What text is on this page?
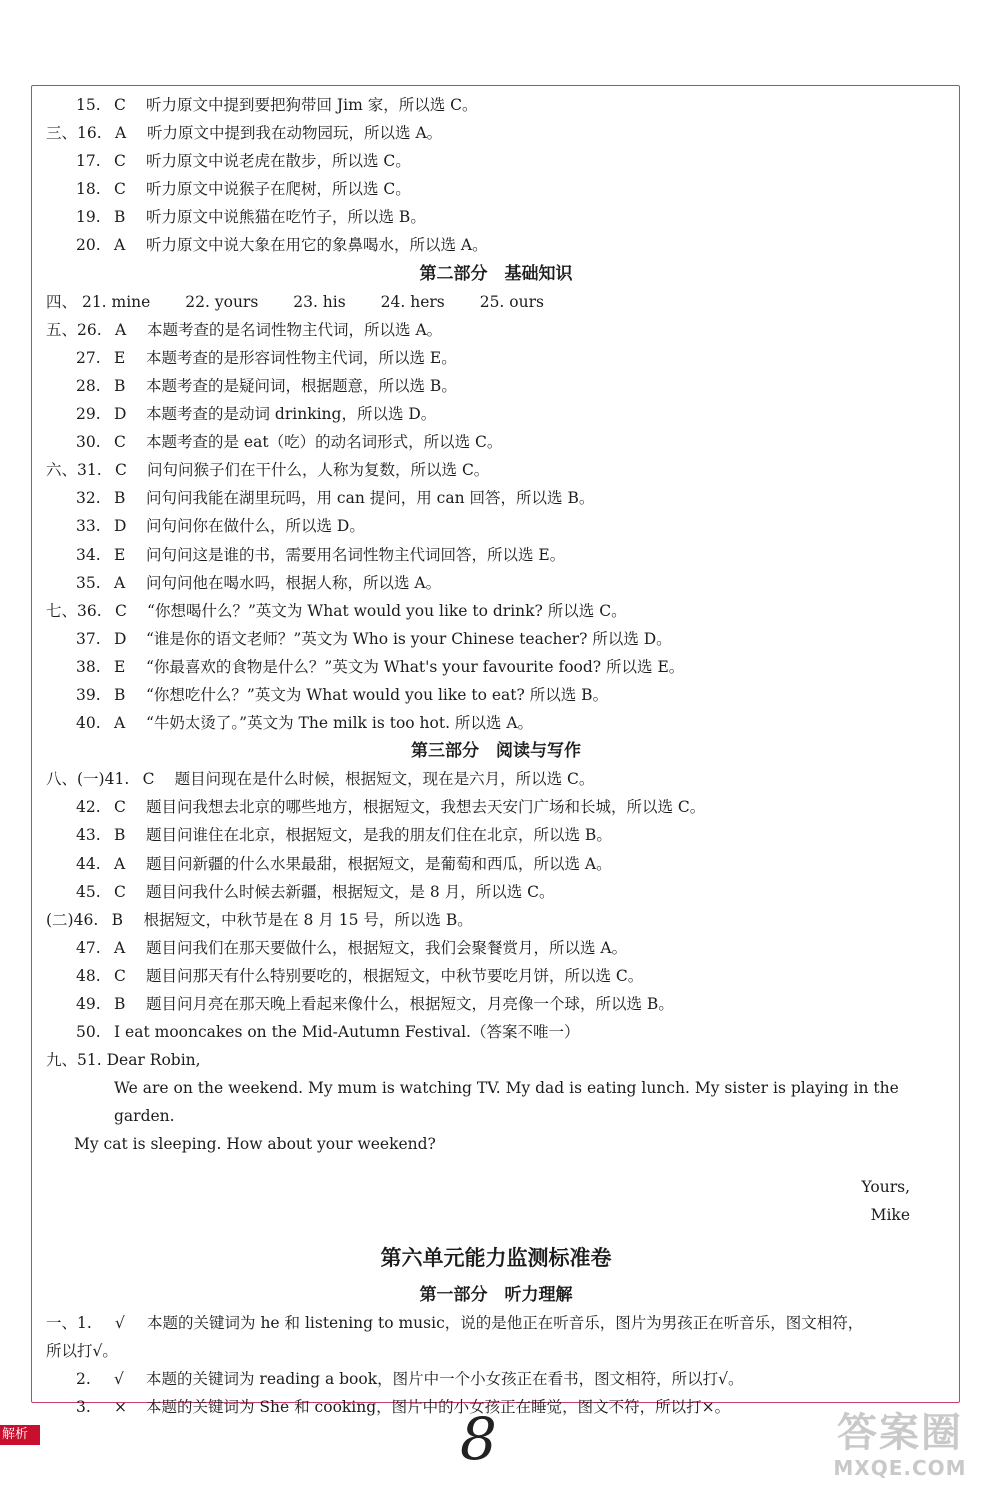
15. C 听力原文中提到要把狗带回 Jim 家，所以选 C。
三、16. A 听力原文中提到我在动物园玩，所以选 A。
17. C 听力原文中说老虎在散步，所以选 C。
18. C 听力原文中说猴子在爬树，所以选 C。
19. B 听力原文中说熊猫在吃竹子，所以选 B。
20. A 听力原文中说大象在用它的象鼻喝水，所以选 A。
第二部分　基础知识
四、 21. mine 22. yours 23. his 24. hers 25. ours
五、26. A 本题考查的是名词性物主代词，所以选 A。
27. E 本题考查的是形容词性物主代词，所以选 E。
28. B 本题考查的是疑问词，根据题意，所以选 B。
29. D 本题考查的是动词 drinking，所以选 D。
30. C 本题考查的是 eat（吃）的动名词形式，所以选 C。
六、31. C 问句问猴子们在干什么，人称为复数，所以选 C。
32. B 问句问我能在湖里玩吗，用 can 提问，用 can 回答，所以选 B。
33. D 问句问你在做什么，所以选 D。
34. E 问句问这是谁的书，需要用名词性物主代词回答，所以选 E。
35. A 问句问他在喝水吗，根据人称，所以选 A。
七、36. C “你想喝什么？”英文为 What would you like to drink? 所以选 C。
37. D “谁是你的语文老师？”英文为 Who is your Chinese teacher? 所以选 D。
38. E “你最喜欢的食物是什么？”英文为 What's your favourite food? 所以选 E。
39. B “你想吃什么？”英文为 What would you like to eat? 所以选 B。
40. A “牛奶太烫了。”英文为 The milk is too hot. 所以选 A。
第三部分　阅读与写作
八、(一)41. C 题目问现在是什么时候，根据短文，现在是六月，所以选 C。
42. C 题目问我想去北京的哪些地方，根据短文，我想去天安门广场和长城，所以选 C。
43. B 题目问谁住在北京，根据短文，是我的朋友们住在北京，所以选 B。
44. A 题目问新疆的什么水果最甜，根据短文，是葡萄和西瓜，所以选 A。
45. C 题目问我什么时候去新疆，根据短文，是 8 月，所以选 C。
(二)46. B 根据短文，中秋节是在 8 月 15 号，所以选 B。
47. A 题目问我们在那天要做什么，根据短文，我们会聚餐赏月，所以选 A。
48. C 题目问那天有什么特别要吃的，根据短文，中秋节要吃月饼，所以选 C。
49. B 题目问月亮在那天晚上看起来像什么，根据短文，月亮像一个球，所以选 B。
50. I eat mooncakes on the Mid-Autumn Festival.（答案不唯一）
九、51. Dear Robin,
We are on the weekend. My mum is watching TV. My dad is eating lunch. My sister is playing in the garden.
My cat is sleeping. How about your weekend?
Yours,
Mike
第六单元能力监测标准卷
第一部分　听力理解
一、1. √ 本题的关键词为 he 和 listening to music，说的是他正在听音乐，图片为男孩正在听音乐，图文相符，
所以打√。
2. √ 本题的关键词为 reading a book，图片中一个小女孩正在看书，图文相符，所以打√。
3. × 本题的关键词为 She 和 cooking，图片中的小女孩正在睡觉，图文不符，所以打×。
解析	8	答案圈
MXQE.COM
